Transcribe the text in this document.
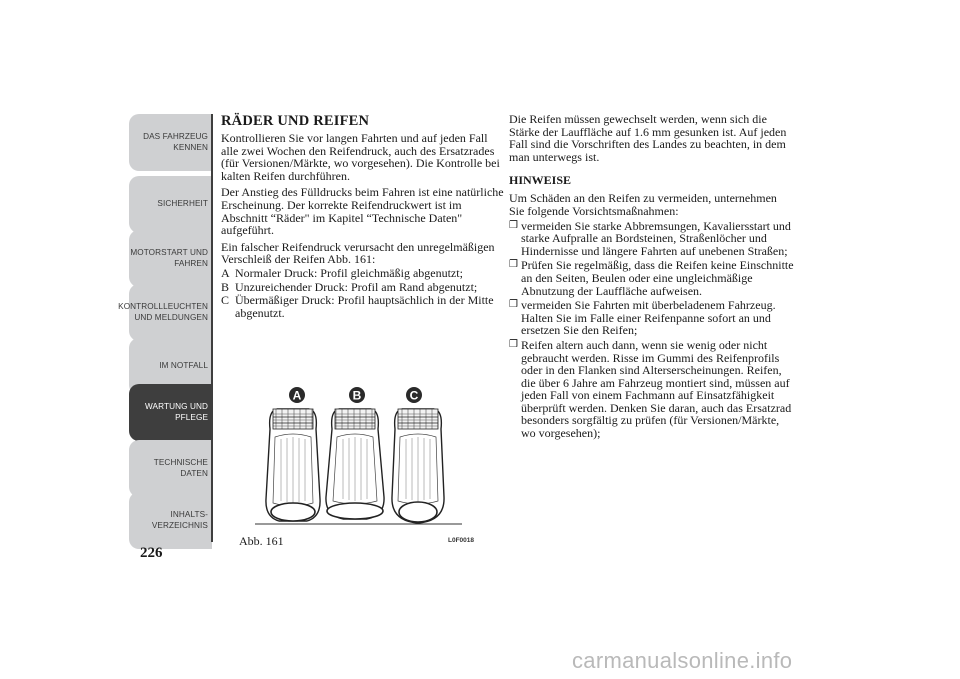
DAS FAHRZEUG
KENNEN
SICHERHEIT
MOTORSTART UND
FAHREN
KONTROLLLEUCHTEN
UND MELDUNGEN
IM NOTFALL
WARTUNG UND
PFLEGE
TECHNISCHE
DATEN
INHALTS-
VERZEICHNIS
226
RÄDER UND REIFEN

Kontrollieren Sie vor langen Fahrten und auf jeden Fall alle zwei Wochen den Reifendruck, auch des Ersatzrades (für Versionen/Märkte, wo vorgesehen). Die Kontrolle bei kalten Reifen durchführen.

Der Anstieg des Fülldrucks beim Fahren ist eine natürliche Erscheinung. Der korrekte Reifendruckwert ist im Abschnitt “Räder" im Kapitel “Technische Daten" aufgeführt.

Ein falscher Reifendruck verursacht den unregelmäßigen Verschleiß der Reifen Abb. 161:

A Normaler Druck: Profil gleichmäßig abgenutzt;
B Unzureichender Druck: Profil am Rand abgenutzt;
C Übermäßiger Druck: Profil hauptsächlich in der Mitte abgenutzt.
A	B	C
Abb. 161	L0F0018

Die Reifen müssen gewechselt werden, wenn sich die Stärke der Lauffläche auf 1.6 mm gesunken ist. Auf jeden Fall sind die Vorschriften des Landes zu beachten, in dem man unterwegs ist.

HINWEISE

Um Schäden an den Reifen zu vermeiden, unternehmen Sie folgende Vorsichtsmaßnahmen:

❒ vermeiden Sie starke Abbremsungen, Kavaliersstart und starke Aufpralle an Bordsteinen, Straßenlöcher und Hindernisse und längere Fahrten auf unebenen Straßen;
❒ Prüfen Sie regelmäßig, dass die Reifen keine Einschnitte an den Seiten, Beulen oder eine ungleichmäßige Abnutzung der Lauffläche aufweisen.
❒ vermeiden Sie Fahrten mit überbeladenem Fahrzeug. Halten Sie im Falle einer Reifenpanne sofort an und ersetzen Sie den Reifen;
❒ Reifen altern auch dann, wenn sie wenig oder nicht gebraucht werden. Risse im Gummi des Reifenprofils oder in den Flanken sind Alterserscheinungen. Reifen, die über 6 Jahre am Fahrzeug montiert sind, müssen auf jeden Fall von einem Fachmann auf Einsatzfähigkeit überprüft werden. Denken Sie daran, auch das Ersatzrad besonders sorgfältig zu prüfen (für Versionen/Märkte, wo vorgesehen);
carmanualsonline.info
